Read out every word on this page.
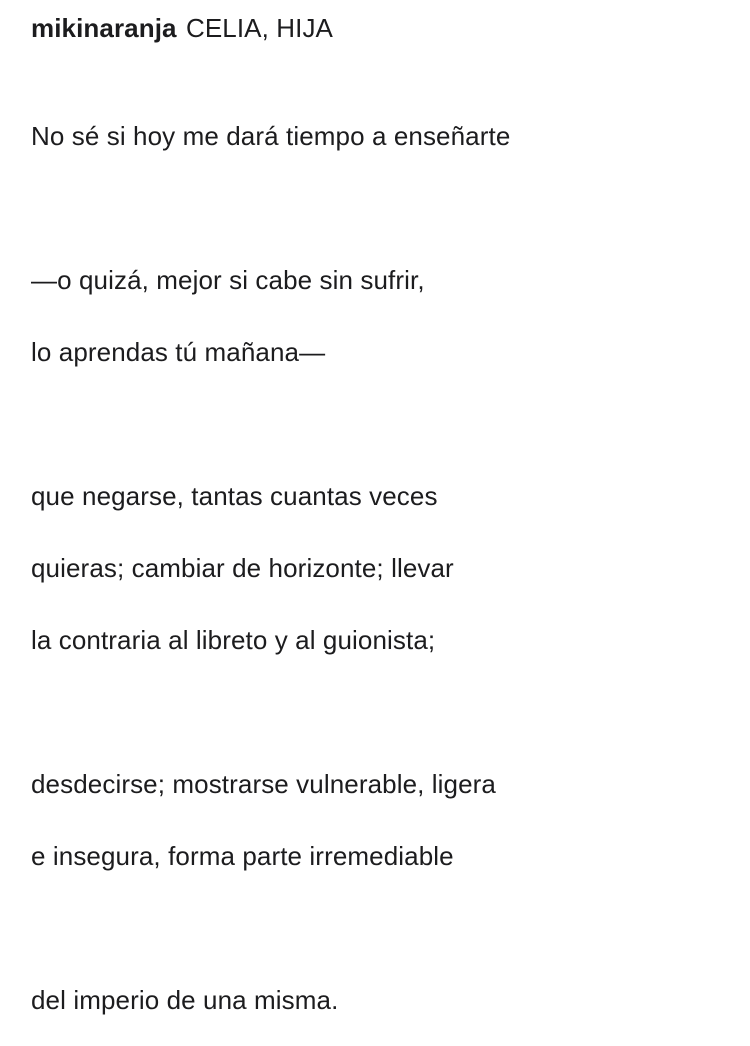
mikinaranja CELIA, HIJA
No sé si hoy me dará tiempo a enseñarte
—o quizá, mejor si cabe sin sufrir,
lo aprendas tú mañana—
que negarse, tantas cuantas veces
quieras; cambiar de horizonte; llevar
la contraria al libreto y al guionista;
desdecirse; mostrarse vulnerable, ligera
e insegura, forma parte irremediable
del imperio de una misma.
